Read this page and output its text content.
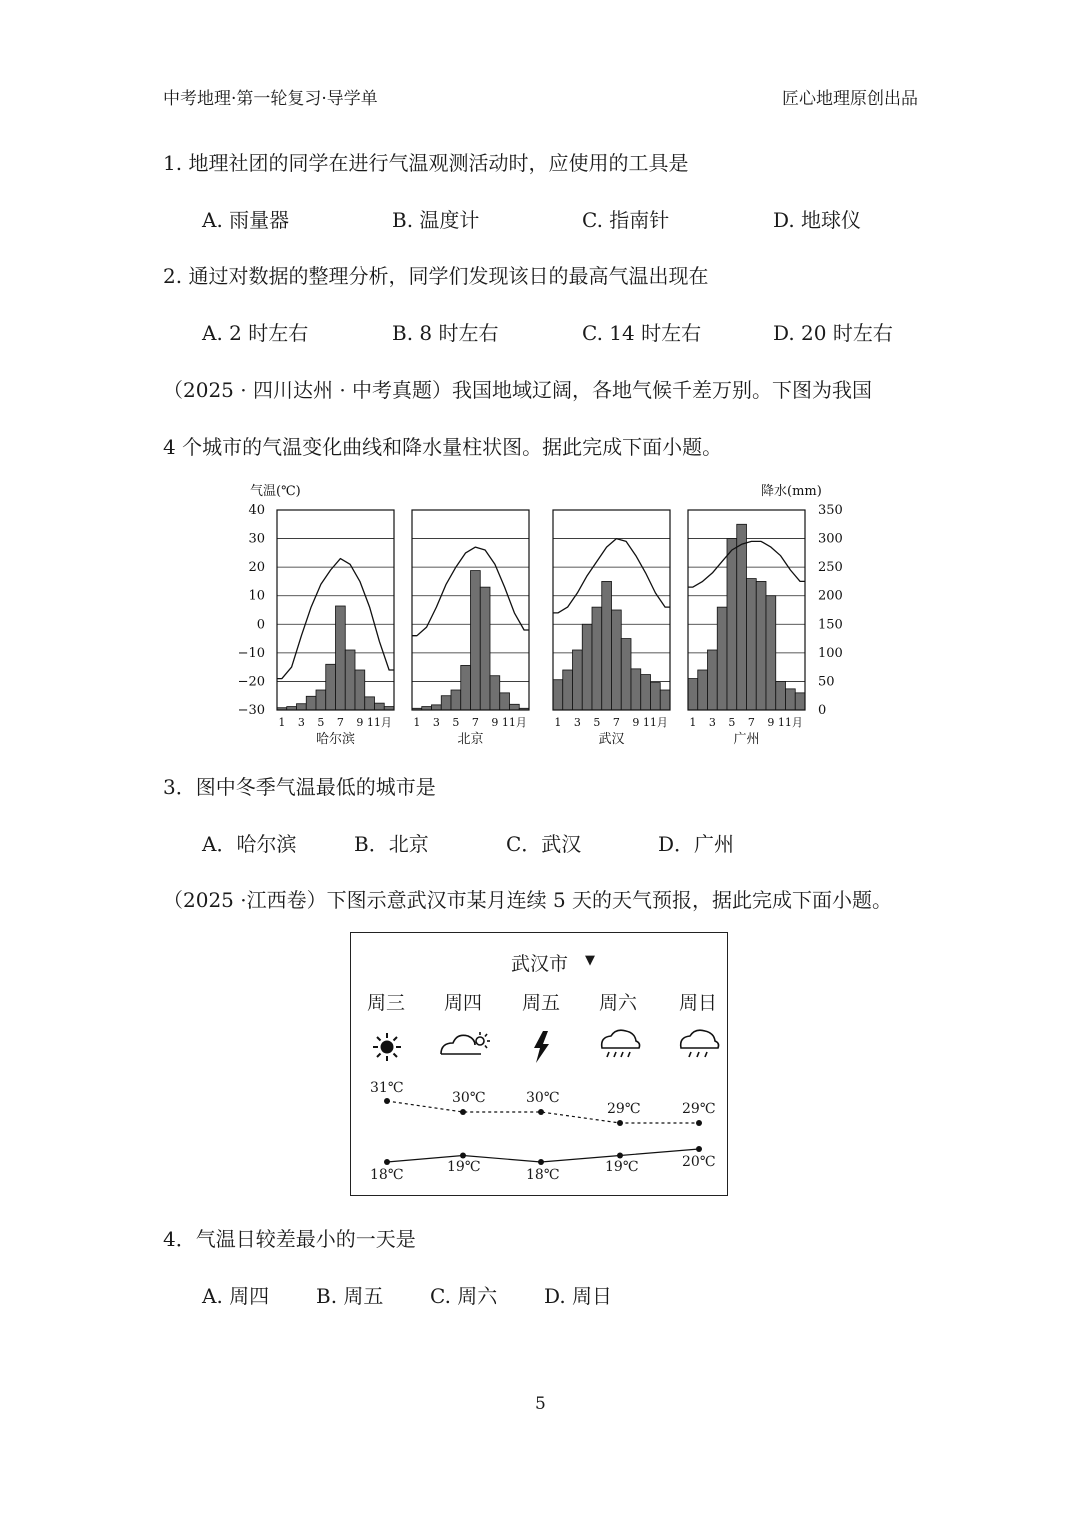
中考地理·第一轮复习·导学单	匠心地理原创出品
1. 地理社团的同学在进行气温观测活动时，应使用的工具是
A. 雨量器	B. 温度计	C. 指南针	D. 地球仪
2. 通过对数据的整理分析，同学们发现该日的最高气温出现在
A. 2 时左右	B. 8 时左右	C. 14 时左右	D. 20 时左右
（2025 · 四川达州 · 中考真题）我国地域辽阔，各地气候千差万别。下图为我国
4 个城市的气温变化曲线和降水量柱状图。据此完成下面小题。
气温(℃)	降水(mm)
40
30
20
10
0
−10
−20
−30
350
300
250
200
150
100
50
0
1 3 5 7 9 11月
哈尔滨
1 3 5 7 9 11月
北京
1 3 5 7 9 11月
武汉
1 3 5 7 9 11月
广州
3．图中冬季气温最低的城市是
A．哈尔滨	B．北京	C．武汉	D．广州
（2025 ·江西卷）下图示意武汉市某月连续 5 天的天气预报，据此完成下面小题。
武汉市 ▼
周三 周四 周五 周六 周日
31℃
30℃	30℃
29℃	29℃
18℃	19℃	18℃	19℃	20℃
4．气温日较差最小的一天是
A. 周四 B. 周五 C. 周六 D. 周日
5
